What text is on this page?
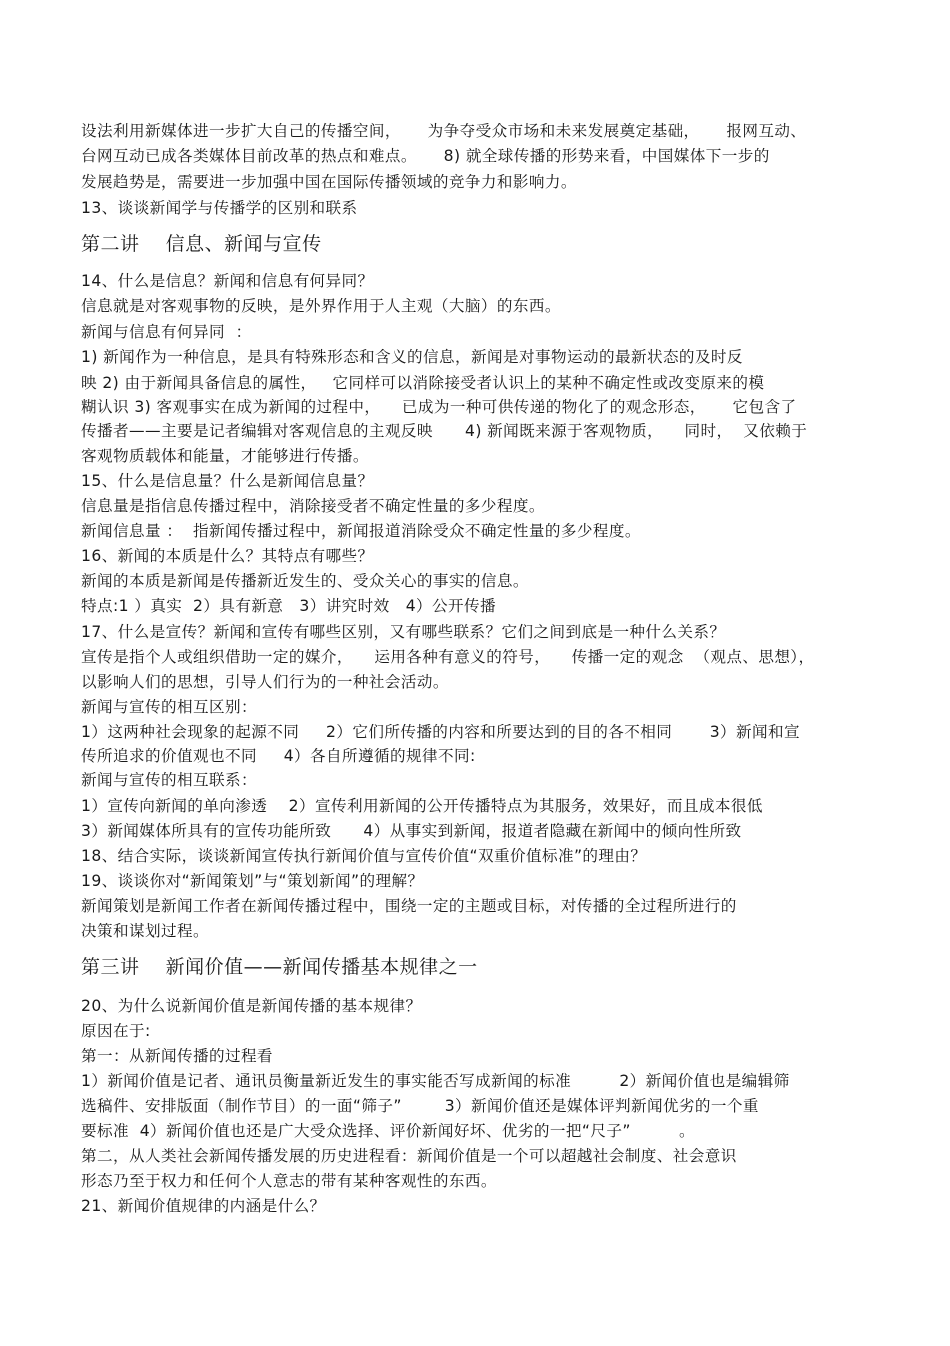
设法利用新媒体进一步扩大自己的传播空间，     为争夺受众市场和未来发展奠定基础，     报网互动、
台网互动已成各类媒体目前改革的热点和难点。     8) 就全球传播的形势来看，中国媒体下一步的
发展趋势是，需要进一步加强中国在国际传播领域的竞争力和影响力。
13、谈谈新闻学与传播学的区别和联系
第二讲    信息、新闻与宣传
14、什么是信息？新闻和信息有何异同？
信息就是对客观事物的反映，是外界作用于人主观（大脑）的东西。
新闻与信息有何异同  ：
1) 新闻作为一种信息，是具有特殊形态和含义的信息，新闻是对事物运动的最新状态的及时反
映 2) 由于新闻具备信息的属性，   它同样可以消除接受者认识上的某种不确定性或改变原来的模
糊认识 3) 客观事实在成为新闻的过程中，    已成为一种可供传递的物化了的观念形态，     它包含了
传播者——主要是记者编辑对客观信息的主观反映      4) 新闻既来源于客观物质，    同时，  又依赖于
客观物质载体和能量，才能够进行传播。
15、什么是信息量？什么是新闻信息量？
信息量是指信息传播过程中，消除接受者不确定性量的多少程度。
新闻信息量 ：  指新闻传播过程中，新闻报道消除受众不确定性量的多少程度。
16、新闻的本质是什么？其特点有哪些？
新闻的本质是新闻是传播新近发生的、受众关心的事实的信息。
特点:1 ）真实  2）具有新意   3）讲究时效   4）公开传播
17、什么是宣传？新闻和宣传有哪些区别，又有哪些联系？它们之间到底是一种什么关系？
宣传是指个人或组织借助一定的媒介，    运用各种有意义的符号，    传播一定的观念  （观点、思想），
以影响人们的思想，引导人们行为的一种社会活动。
新闻与宣传的相互区别：
1）这两种社会现象的起源不同     2）它们所传播的内容和所要达到的目的各不相同       3）新闻和宣
传所追求的价值观也不同     4）各自所遵循的规律不同:
新闻与宣传的相互联系：
1）宣传向新闻的单向渗透    2）宣传利用新闻的公开传播特点为其服务，效果好，而且成本很低
3）新闻媒体所具有的宣传功能所致      4）从事实到新闻，报道者隐藏在新闻中的倾向性所致
18、结合实际，谈谈新闻宣传执行新闻价值与宣传价值“双重价值标准”的理由？
19、谈谈你对“新闻策划”与“策划新闻”的理解？
新闻策划是新闻工作者在新闻传播过程中，围绕一定的主题或目标，对传播的全过程所进行的
决策和谋划过程。
第三讲    新闻价值——新闻传播基本规律之一
20、为什么说新闻价值是新闻传播的基本规律？
原因在于:
第一：从新闻传播的过程看
1）新闻价值是记者、通讯员衡量新近发生的事实能否写成新闻的标准         2）新闻价值也是编辑筛
选稿件、安排版面（制作节目）的一面“筛子”        3）新闻价值还是媒体评判新闻优劣的一个重
要标准  4）新闻价值也还是广大受众选择、评价新闻好坏、优劣的一把“尺子”         。
第二，从人类社会新闻传播发展的历史进程看：新闻价值是一个可以超越社会制度、社会意识
形态乃至于权力和任何个人意志的带有某种客观性的东西。
21、新闻价值规律的内涵是什么？
